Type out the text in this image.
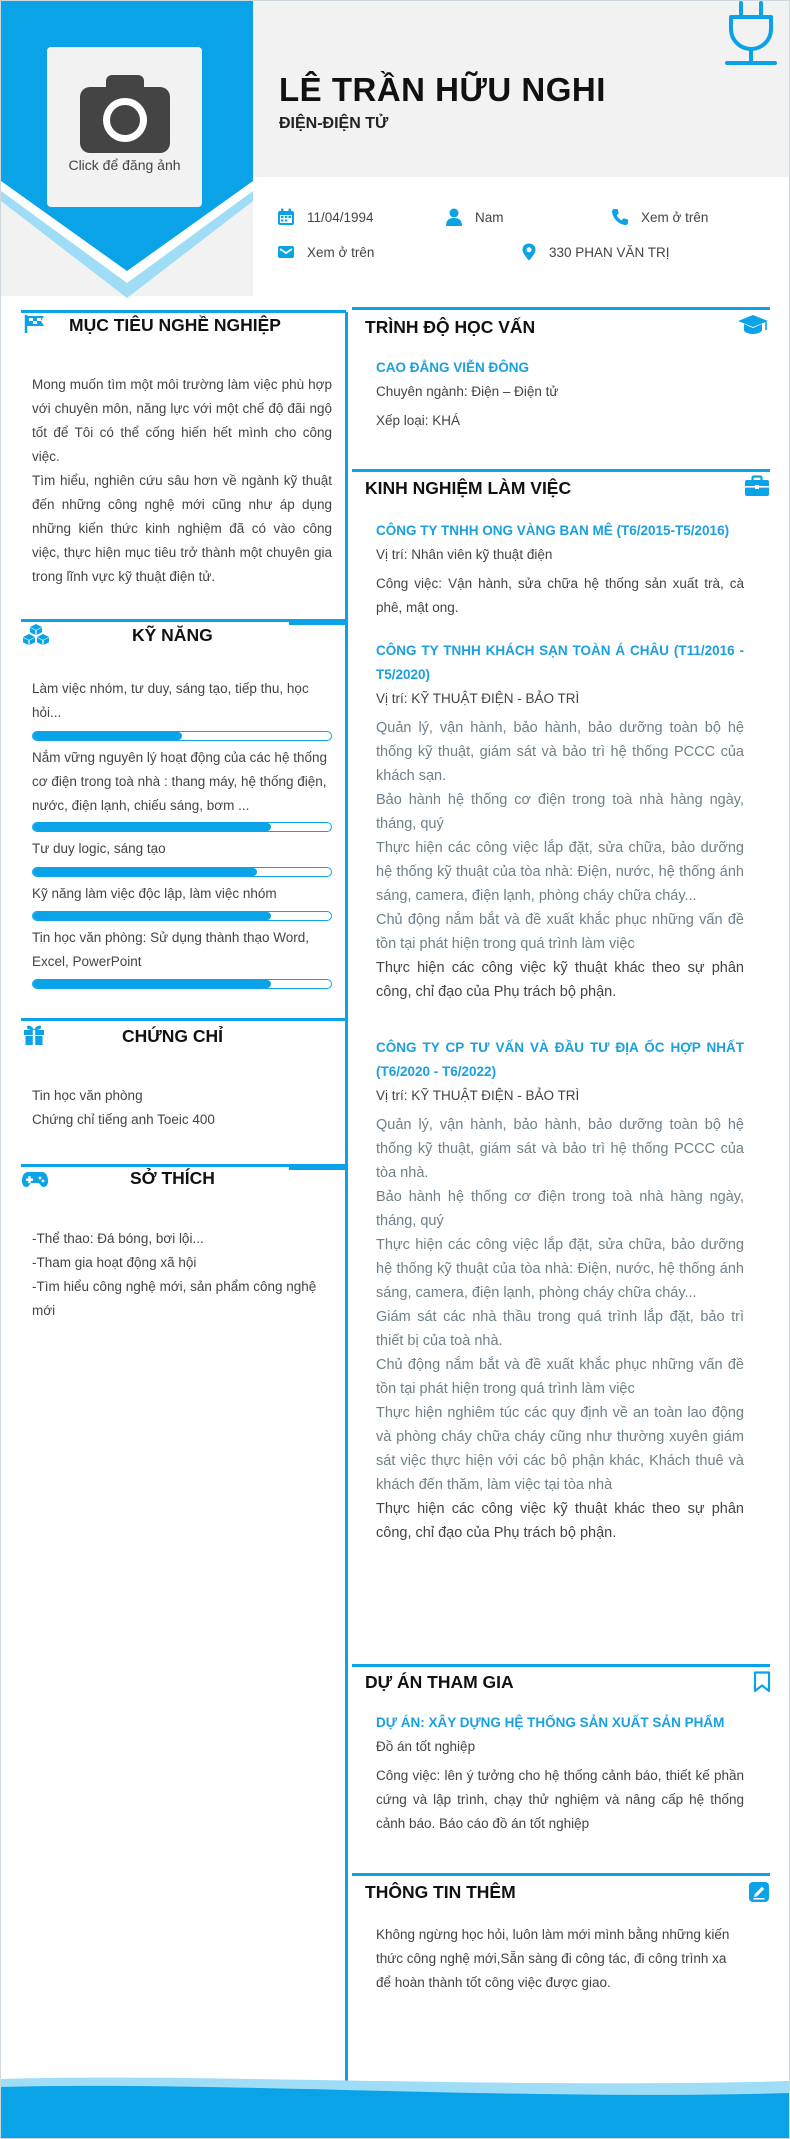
Click để đăng ảnh
LÊ TRẦN HỮU NGHI
ĐIỆN-ĐIỆN TỬ
11/04/1994	Nam	Xem ở trên
Xem ở trên	330 PHAN VĂN TRỊ
MỤC TIÊU NGHỀ NGHIỆP
Mong muốn tìm một môi trường làm việc phù hợp với chuyên môn, năng lực với một chế độ đãi ngộ tốt để Tôi có thể cống hiến hết mình cho công việc.
Tìm hiểu, nghiên cứu sâu hơn về ngành kỹ thuật đến những công nghệ mới cũng như áp dụng những kiến thức kinh nghiệm đã có vào công việc, thực hiện mục tiêu trở thành một chuyên gia trong lĩnh vực kỹ thuật điện tử.
KỸ NĂNG
Làm việc nhóm, tư duy, sáng tạo, tiếp thu, học hỏi...
Nắm vững nguyên lý hoạt động của các hệ thống cơ điện trong toà nhà : thang máy, hệ thống điện, nước, điện lạnh, chiếu sáng, bơm ...
Tư duy logic, sáng tạo
Kỹ năng làm việc độc lập, làm việc nhóm
Tin học văn phòng: Sử dụng thành thạo Word, Excel, PowerPoint
CHỨNG CHỈ
Tin học văn phòng
Chứng chỉ tiếng anh Toeic 400
SỞ THÍCH
-Thể thao: Đá bóng, bơi lội...
-Tham gia hoạt động xã hội
-Tìm hiểu công nghệ mới, sản phẩm công nghệ mới
TRÌNH ĐỘ HỌC VẤN
CAO ĐẲNG VIỄN ĐÔNG
Chuyên ngành: Điện – Điện tử
Xếp loại: KHÁ
KINH NGHIỆM LÀM VIỆC
CÔNG TY TNHH ONG VÀNG BAN MÊ (T6/2015-T5/2016)
Vị trí: Nhân viên kỹ thuật điện
Công việc: Vận hành, sửa chữa hệ thống sản xuất trà, cà phê, mật ong.
CÔNG TY TNHH KHÁCH SẠN TOÀN Á CHÂU (T11/2016 - T5/2020)
Vị trí: KỸ THUẬT ĐIỆN - BẢO TRÌ
Quản lý, vận hành, bảo hành, bảo dưỡng toàn bộ hệ thống kỹ thuật, giám sát và bảo trì hệ thống PCCC của khách sạn.
Bảo hành hệ thống cơ điện trong toà nhà hàng ngày, tháng, quý
Thực hiện các công việc lắp đặt, sửa chữa, bảo dưỡng hệ thống kỹ thuật của tòa nhà: Điện, nước, hệ thống ánh sáng, camera, điện lạnh, phòng cháy chữa cháy...
Chủ động nắm bắt và đề xuất khắc phục những vấn đề tồn tại phát hiện trong quá trình làm việc
Thực hiện các công việc kỹ thuật khác theo sự phân công, chỉ đạo của Phụ trách bộ phận.
CÔNG TY CP TƯ VẤN VÀ ĐẦU TƯ ĐỊA ỐC HỢP NHẤT (T6/2020 - T6/2022)
Vị trí: KỸ THUẬT ĐIỆN - BẢO TRÌ
Quản lý, vận hành, bảo hành, bảo dưỡng toàn bộ hệ thống kỹ thuật, giám sát và bảo trì hệ thống PCCC của tòa nhà.
Bảo hành hệ thống cơ điện trong toà nhà hàng ngày, tháng, quý
Thực hiện các công việc lắp đặt, sửa chữa, bảo dưỡng hệ thống kỹ thuật của tòa nhà: Điện, nước, hệ thống ánh sáng, camera, điện lạnh, phòng cháy chữa cháy...
Giám sát các nhà thầu trong quá trình lắp đặt, bảo trì thiết bị của toà nhà.
Chủ động nắm bắt và đề xuất khắc phục những vấn đề tồn tại phát hiện trong quá trình làm việc
Thực hiện nghiêm túc các quy định về an toàn lao động và phòng cháy chữa cháy cũng như thường xuyên giám sát việc thực hiện với các bộ phận khác, Khách thuê và khách đến thăm, làm việc tại tòa nhà
Thực hiện các công việc kỹ thuật khác theo sự phân công, chỉ đạo của Phụ trách bộ phận.
DỰ ÁN THAM GIA
DỰ ÁN: XÂY DỰNG HỆ THỐNG SẢN XUẤT SẢN PHẨM
Đồ án tốt nghiệp
Công việc: lên ý tưởng cho hệ thống cảnh báo, thiết kế phần cứng và lập trình, chạy thử nghiệm và nâng cấp hệ thống cảnh báo. Báo cáo đồ án tốt nghiệp
THÔNG TIN THÊM
Không ngừng học hỏi, luôn làm mới mình bằng những kiến thức công nghệ mới,Sẵn sàng đi công tác, đi công trình xa để hoàn thành tốt công việc được giao.
